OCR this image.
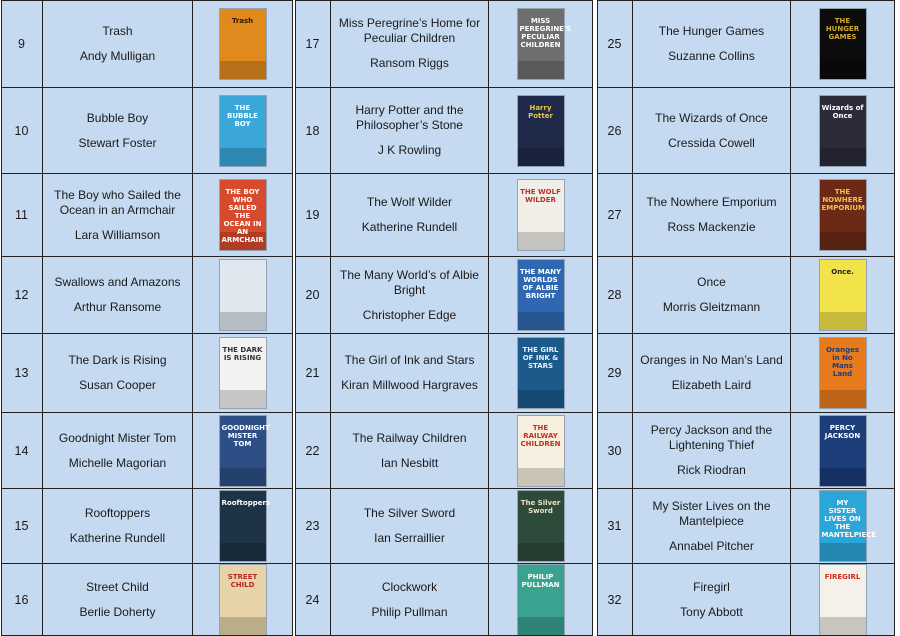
9
Trash
Andy Mulligan
Trash
10
Bubble Boy
Stewart Foster
THE BUBBLE BOY
11
The Boy who Sailed the Ocean in an Armchair
Lara Williamson
THE BOY WHO SAILED THE OCEAN IN AN ARMCHAIR
12
Swallows and Amazons
Arthur Ransome
13
The Dark is Rising
Susan Cooper
THE DARK IS RISING
14
Goodnight Mister Tom
Michelle Magorian
GOODNIGHT MISTER TOM
15
Rooftoppers
Katherine Rundell
Rooftoppers
16
Street Child
Berlie Doherty
STREET CHILD
17
Miss Peregrine’s Home for Peculiar Children
Ransom Riggs
MISS PEREGRINE'S PECULIAR CHILDREN
18
Harry Potter and the Philosopher’s Stone
J K Rowling
Harry Potter
19
The Wolf Wilder
Katherine Rundell
THE WOLF WILDER
20
The Many World’s of Albie Bright
Christopher Edge
THE MANY WORLDS OF ALBIE BRIGHT
21
The Girl of Ink and Stars
Kiran Millwood Hargraves
THE GIRL OF INK & STARS
22
The Railway Children
Ian Nesbitt
THE RAILWAY CHILDREN
23
The Silver Sword
Ian Serraillier
The Silver Sword
24
Clockwork
Philip Pullman
PHILIP PULLMAN
25
The Hunger Games
Suzanne Collins
THE HUNGER GAMES
26
The Wizards of Once
Cressida Cowell
Wizards of Once
27
The Nowhere Emporium
Ross Mackenzie
THE NOWHERE EMPORIUM
28
Once
Morris Gleitzmann
Once.
29
Oranges in No Man’s Land
Elizabeth Laird
Oranges in No Mans Land
30
Percy Jackson and the Lightening Thief
Rick Riodran
PERCY JACKSON
31
My Sister Lives on the Mantelpiece
Annabel Pitcher
MY SISTER LIVES ON THE MANTELPIECE
32
Firegirl
Tony Abbott
FIREGIRL
